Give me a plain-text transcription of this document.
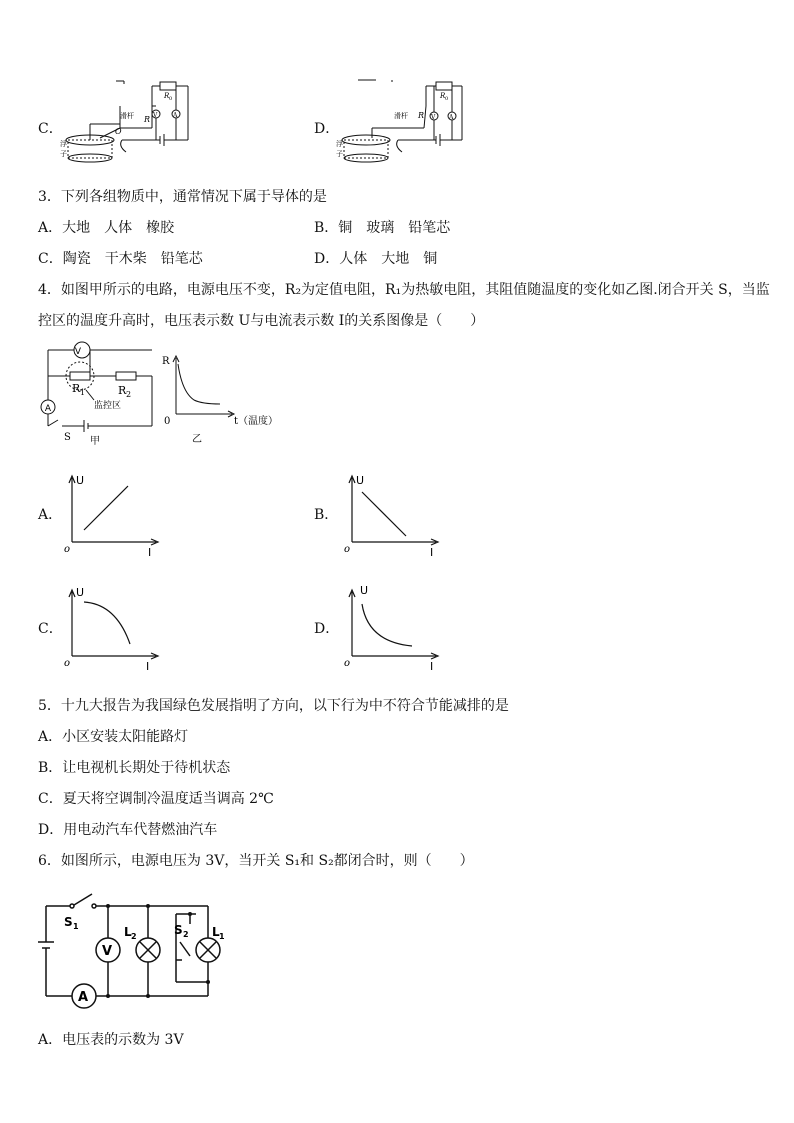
C．
R
滑杆
O
R 0
V	A
浮
子
D．
R
滑杆
R 0
V A
浮
子
3．下列各组物质中，通常情况下属于导体的是
A．大地　人体　橡胶	B．铜　玻璃　铅笔芯
C．陶瓷　干木柴　铅笔芯	D．人体　大地　铜
4．如图甲所示的电路，电源电压不变，R₂为定值电阻，R₁为热敏电阻，其阻值随温度的变化如乙图.闭合开关 S，当监
控区的温度升高时，电压表示数 U与电流表示数 I的关系图像是（　　）
V
A
R 1	R 2
监控区
S 甲
R
0	t（温度）
乙
A．
U
o	I
B．
U
o	I
C．
U
o	I
D．
U
o	I
5．十九大报告为我国绿色发展指明了方向，以下行为中不符合节能减排的是
A．小区安装太阳能路灯
B．让电视机长期处于待机状态
C．夏天将空调制冷温度适当调高 2℃
D．用电动汽车代替燃油汽车
6．如图所示，电源电压为 3V，当开关 S₁和 S₂都闭合时，则（　　）
S 1
V
A
L 2	S 2 L 1
A．电压表的示数为 3V
